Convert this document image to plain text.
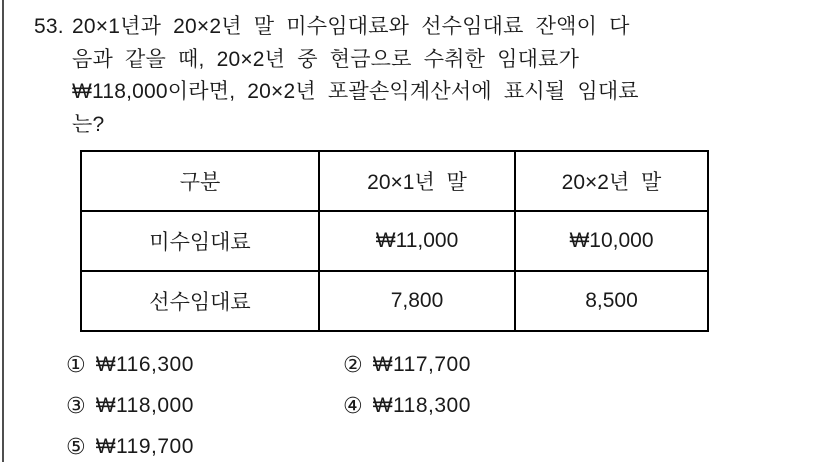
53. 20×1년과 20×2년 말 미수임대료와 선수임대료 잔액이 다
음과 같을 때, 20×2년 중 현금으로 수취한 임대료가
₩118,000이라면, 20×2년 포괄손익계산서에 표시될 임대료
는?
구분	20×1년 말	20×2년 말
미수임대료	₩11,000	₩10,000
선수임대료	7,800	8,500
① ₩116,300	② ₩117,700
③ ₩118,000	④ ₩118,300
⑤ ₩119,700
